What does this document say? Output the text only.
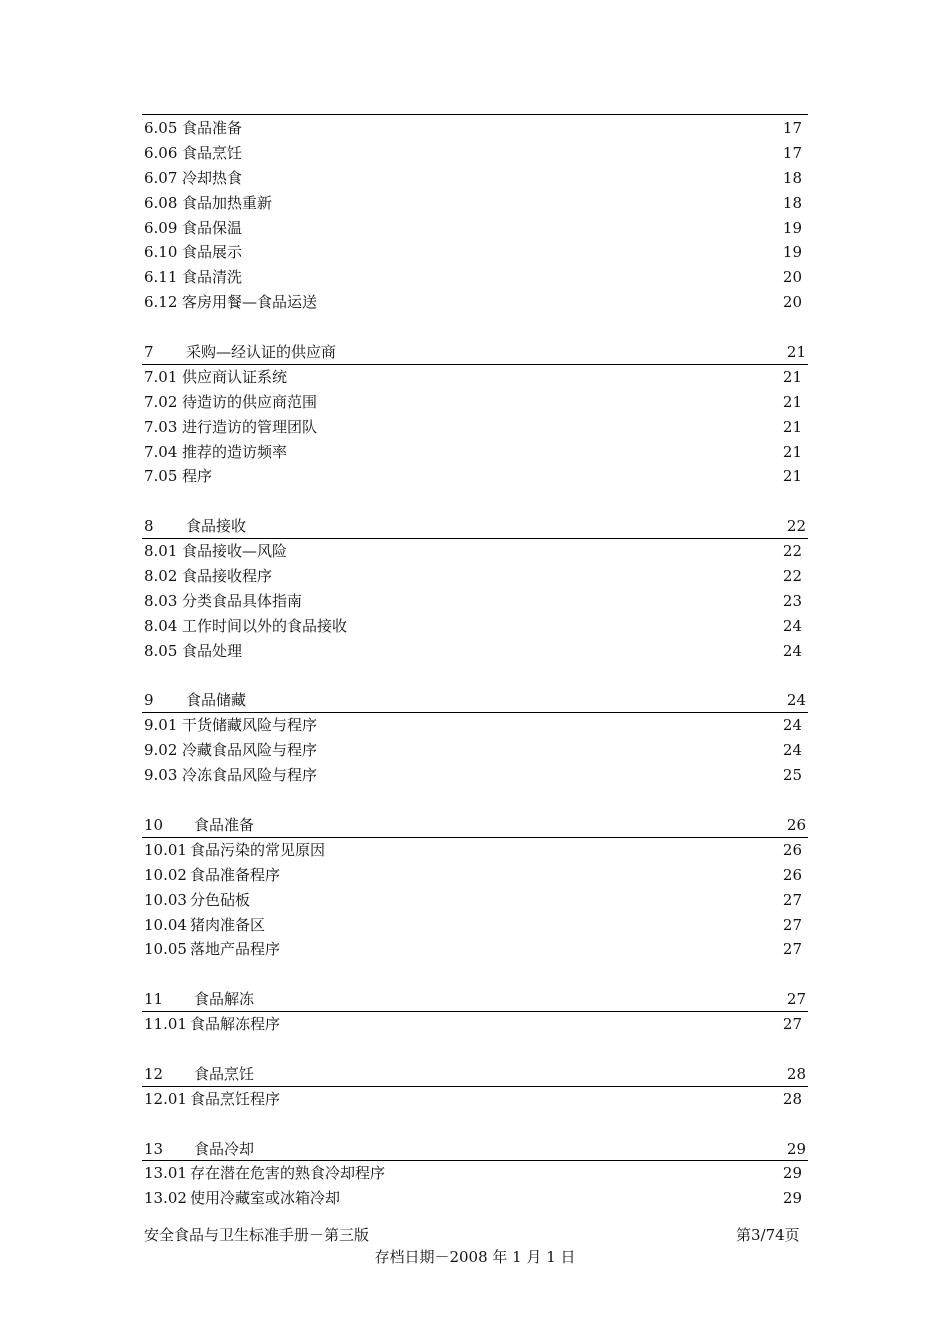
6.05 食品准备	17
6.06 食品烹饪	17
6.07 冷却热食	18
6.08 食品加热重新	18
6.09 食品保温	19
6.10 食品展示	19
6.11 食品清洗	20
6.12 客房用餐—食品运送	20
7 采购—经认证的供应商	21
7.01 供应商认证系统	21
7.02 待造访的供应商范围	21
7.03 进行造访的管理团队	21
7.04 推荐的造访频率	21
7.05 程序	21
8 食品接收	22
8.01 食品接收—风险	22
8.02 食品接收程序	22
8.03 分类食品具体指南	23
8.04 工作时间以外的食品接收	24
8.05 食品处理	24
9 食品储藏	24
9.01 干货储藏风险与程序	24
9.02 冷藏食品风险与程序	24
9.03 冷冻食品风险与程序	25
10 食品准备	26
10.01 食品污染的常见原因	26
10.02 食品准备程序	26
10.03 分色砧板	27
10.04 猪肉准备区	27
10.05 落地产品程序	27
11 食品解冻	27
11.01 食品解冻程序	27
12 食品烹饪	28
12.01 食品烹饪程序	28
13 食品冷却	29
13.01 存在潜在危害的熟食冷却程序	29
13.02 使用冷藏室或冰箱冷却	29
安全食品与卫生标准手册－第三版	第3/74页
存档日期－2008 年 1 月 1 日
